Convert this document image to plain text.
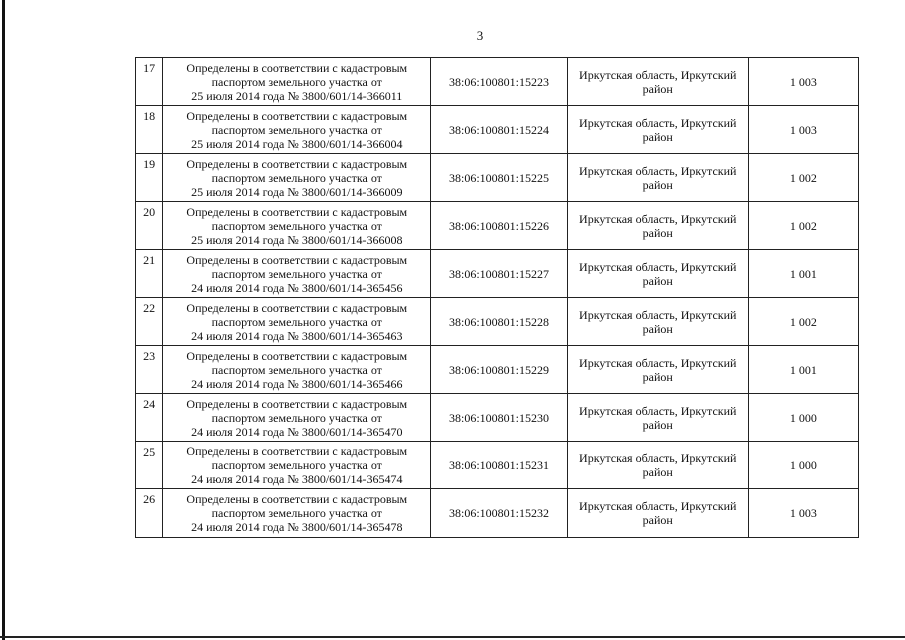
3
17	Определены в соответствии с кадастровым
паспортом земельного участка от
25 июля 2014 года № 3800/601/14-366011	38:06:100801:15223	Иркутская область, Иркутский район	1 003
18	Определены в соответствии с кадастровым
паспортом земельного участка от
25 июля 2014 года № 3800/601/14-366004	38:06:100801:15224	Иркутская область, Иркутский район	1 003
19	Определены в соответствии с кадастровым
паспортом земельного участка от
25 июля 2014 года № 3800/601/14-366009	38:06:100801:15225	Иркутская область, Иркутский район	1 002
20	Определены в соответствии с кадастровым
паспортом земельного участка от
25 июля 2014 года № 3800/601/14-366008	38:06:100801:15226	Иркутская область, Иркутский район	1 002
21	Определены в соответствии с кадастровым
паспортом земельного участка от
24 июля 2014 года № 3800/601/14-365456	38:06:100801:15227	Иркутская область, Иркутский район	1 001
22	Определены в соответствии с кадастровым
паспортом земельного участка от
24 июля 2014 года № 3800/601/14-365463	38:06:100801:15228	Иркутская область, Иркутский район	1 002
23	Определены в соответствии с кадастровым
паспортом земельного участка от
24 июля 2014 года № 3800/601/14-365466	38:06:100801:15229	Иркутская область, Иркутский район	1 001
24	Определены в соответствии с кадастровым
паспортом земельного участка от
24 июля 2014 года № 3800/601/14-365470	38:06:100801:15230	Иркутская область, Иркутский район	1 000
25	Определены в соответствии с кадастровым
паспортом земельного участка от
24 июля 2014 года № 3800/601/14-365474	38:06:100801:15231	Иркутская область, Иркутский район	1 000
26	Определены в соответствии с кадастровым
паспортом земельного участка от
24 июля 2014 года № 3800/601/14-365478	38:06:100801:15232	Иркутская область, Иркутский район	1 003
